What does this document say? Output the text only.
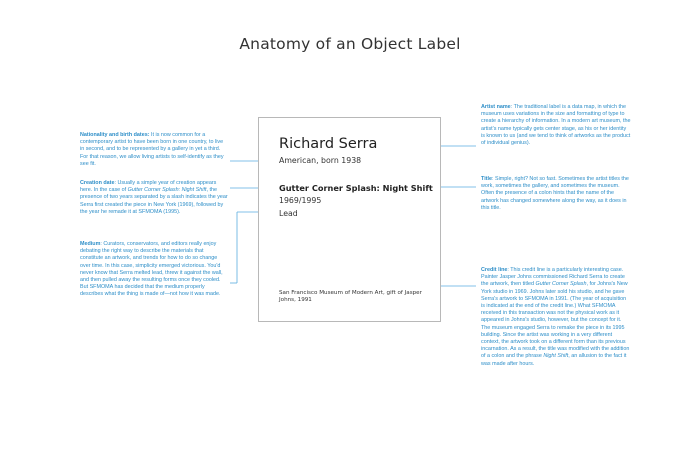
Anatomy of an Object Label
Nationality and birth dates: It is now common for a contemporary artist to have been born in one country, to live in second, and to be represented by a gallery in yet a third. For that reason, we allow living artists to self-identify as they see fit.
Creation date: Usually a simple year of creation appears here. In the case of Gutter Corner Splash: Night Shift, the presence of two years separated by a slash indicates the year Serra first created the piece in New York (1969), followed by the year he remade it at SFMOMA (1995).
Medium: Curators, conservators, and editors really enjoy debating the right way to describe the materials that constitute an artwork, and trends for how to do so change over time. In this case, simplicity emerged victorious. You'd never know that Serra melted lead, threw it against the wall, and then pulled away the resulting forms once they cooled. But SFMOMA has decided that the medium properly describes what the thing is made of—not how it was made.
Richard Serra
American, born 1938
Gutter Corner Splash: Night Shift
1969/1995
Lead
San Francisco Museum of Modern Art, gift of Jasper Johns, 1991
Artist name: The traditional label is a data map, in which the museum uses variations in the size and formatting of type to create a hierarchy of information. In a modern art museum, the artist's name typically gets center stage, as his or her identity is known to us (and we tend to think of artworks as the product of individual genius).
Title: Simple, right? Not so fast. Sometimes the artist titles the work, sometimes the gallery, and sometimes the museum. Often the presence of a colon hints that the name of the artwork has changed somewhere along the way, as it does in this title.
Credit line: This credit line is a particularly interesting case. Painter Jasper Johns commissioned Richard Serra to create the artwork, then titled Gutter Corner Splash, for Johns's New York studio in 1969. Johns later sold his studio, and he gave Serra's artwork to SFMOMA in 1991. (The year of acquisition is indicated at the end of the credit line.) What SFMOMA received in this transaction was not the physical work as it appeared in Johns's studio, however, but the concept for it. The museum engaged Serra to remake the piece in its 1995 building. Since the artist was working in a very different context, the artwork took on a different form than its previous incarnation. As a result, the title was modified with the addition of a colon and the phrase Night Shift, an allusion to the fact it was made after hours.
